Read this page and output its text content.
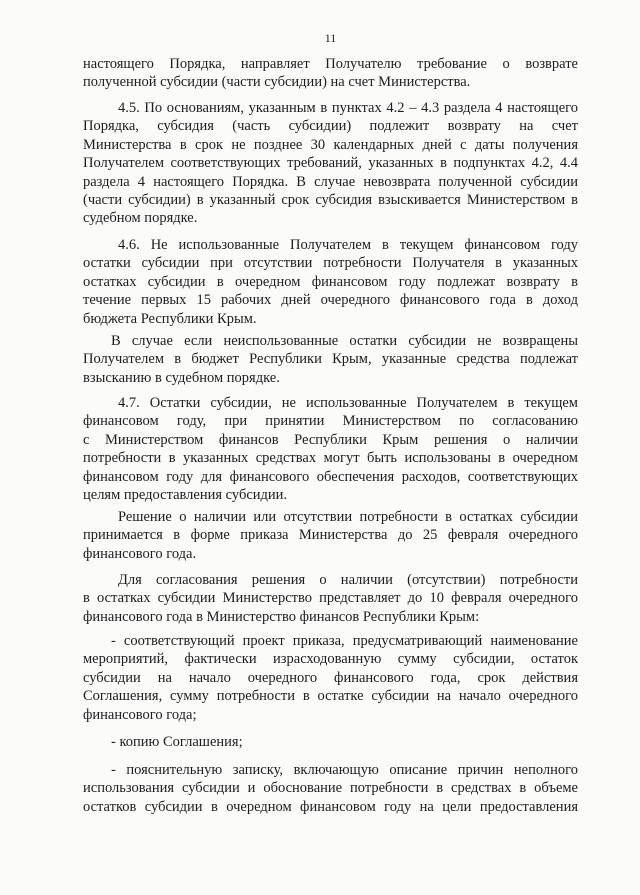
11
настоящего Порядка, направляет Получателю требование о возврате
полученной субсидии (части субсидии) на счет Министерства.
4.5. По основаниям, указанным в пунктах 4.2 – 4.3 раздела 4 настоящего
Порядка, субсидия (часть субсидии) подлежит возврату на счет
Министерства в срок не позднее 30 календарных дней с даты получения
Получателем соответствующих требований, указанных в подпунктах 4.2, 4.4
раздела 4 настоящего Порядка. В случае невозврата полученной субсидии
(части субсидии) в указанный срок субсидия взыскивается Министерством в
судебном порядке.
4.6. Не использованные Получателем в текущем финансовом году
остатки субсидии при отсутствии потребности Получателя в указанных
остатках субсидии в очередном финансовом году подлежат возврату в
течение первых 15 рабочих дней очередного финансового года в доход
бюджета Республики Крым.
В случае если неиспользованные остатки субсидии не возвращены
Получателем в бюджет Республики Крым, указанные средства подлежат
взысканию в судебном порядке.
4.7. Остатки субсидии, не использованные Получателем в текущем
финансовом году, при принятии Министерством по согласованию
с Министерством финансов Республики Крым решения о наличии
потребности в указанных средствах могут быть использованы в очередном
финансовом году для финансового обеспечения расходов, соответствующих
целям предоставления субсидии.
Решение о наличии или отсутствии потребности в остатках субсидии
принимается в форме приказа Министерства до 25 февраля очередного
финансового года.
Для согласования решения о наличии (отсутствии) потребности
в остатках субсидии Министерство представляет до 10 февраля очередного
финансового года в Министерство финансов Республики Крым:
- соответствующий проект приказа, предусматривающий наименование
мероприятий, фактически израсходованную сумму субсидии, остаток
субсидии на начало очередного финансового года, срок действия
Соглашения, сумму потребности в остатке субсидии на начало очередного
финансового года;
- копию Соглашения;
- пояснительную записку, включающую описание причин неполного
использования субсидии и обоснование потребности в средствах в объеме
остатков субсидии в очередном финансовом году на цели предоставления
